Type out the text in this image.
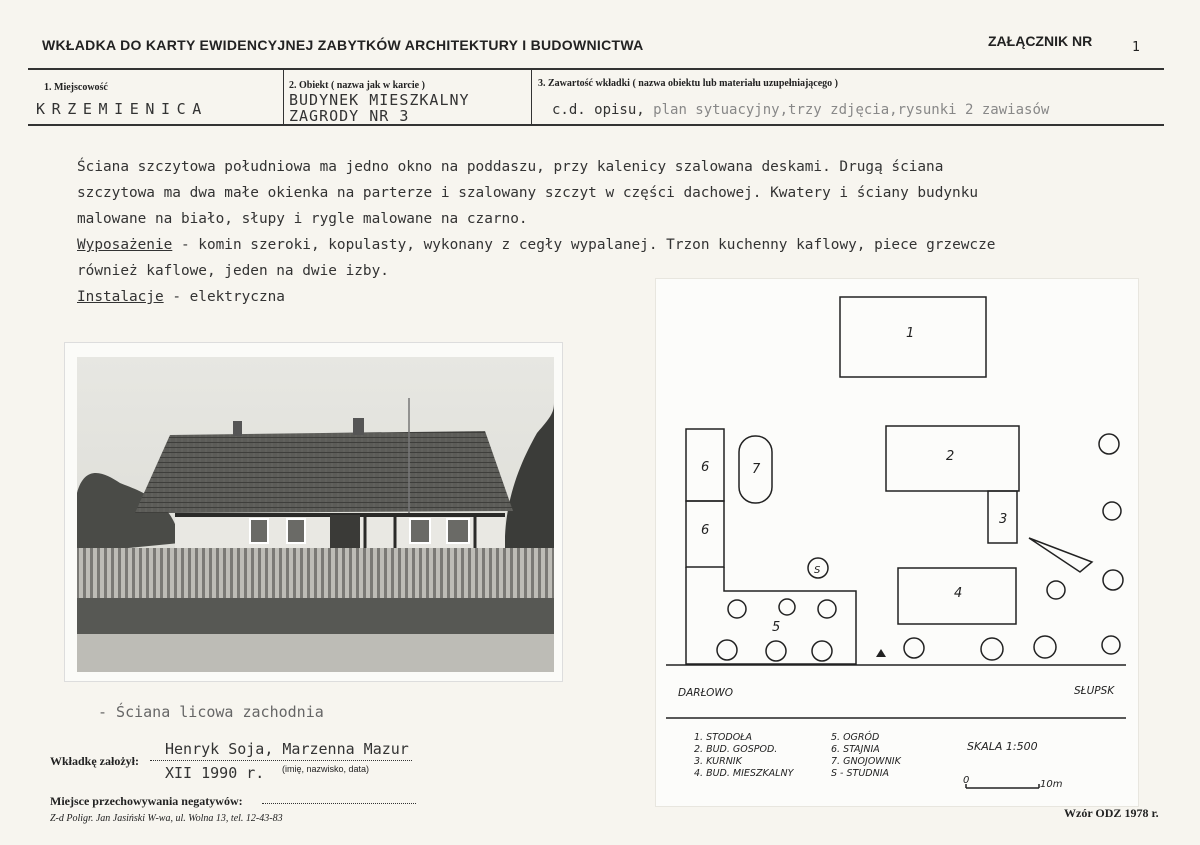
WKŁADKA DO KARTY EWIDENCYJNEJ ZABYTKÓW ARCHITEKTURY I BUDOWNICTWA	ZAŁĄCZNIK NR	1
1. Miejscowość
KRZEMIENICA
2. Obiekt ( nazwa jak w karcie )
BUDYNEK MIESZKALNY
ZAGRODY NR 3
3. Zawartość wkładki ( nazwa obiektu lub materiału uzupełniającego )
c.d. opisu, plan sytuacyjny,trzy zdjęcia,rysunki 2 zawiasów

Ściana szczytowa południowa ma jedno okno na poddaszu, przy kalenicy szalowana deskami. Drugą ściana

szczytowa ma dwa małe okienka na parterze i szalowany szczyt w części dachowej. Kwatery i ściany budynku

malowane na biało, słupy i rygle malowane na czarno.

Wyposażenie - komin szeroki, kopulasty, wykonany z cegły wypalanej. Trzon kuchenny kaflowy, piece grzewcze

również kaflowe, jeden na dwie izby.

Instalacje - elektryczna

- Ściana licowa zachodnia
1
2
3
4
5
6
6
7
S
DARŁOWO	SŁUPSK
1. STODOŁA
2. BUD. GOSPOD.
3. KURNIK
4. BUD. MIESZKALNY
5. OGRÓD
6. STAJNIA
7. GNOJOWNIK
S - STUDNIA
SKALA 1:500
0	10m
Wkładkę założył:
Henryk Soja, Marzenna Mazur
XII 1990 r. (imię, nazwisko, data)
Miejsce przechowywania negatywów:
Z-d Poligr. Jan Jasiński W-wa, ul. Wolna 13, tel. 12-43-83	Wzór ODZ 1978 r.
